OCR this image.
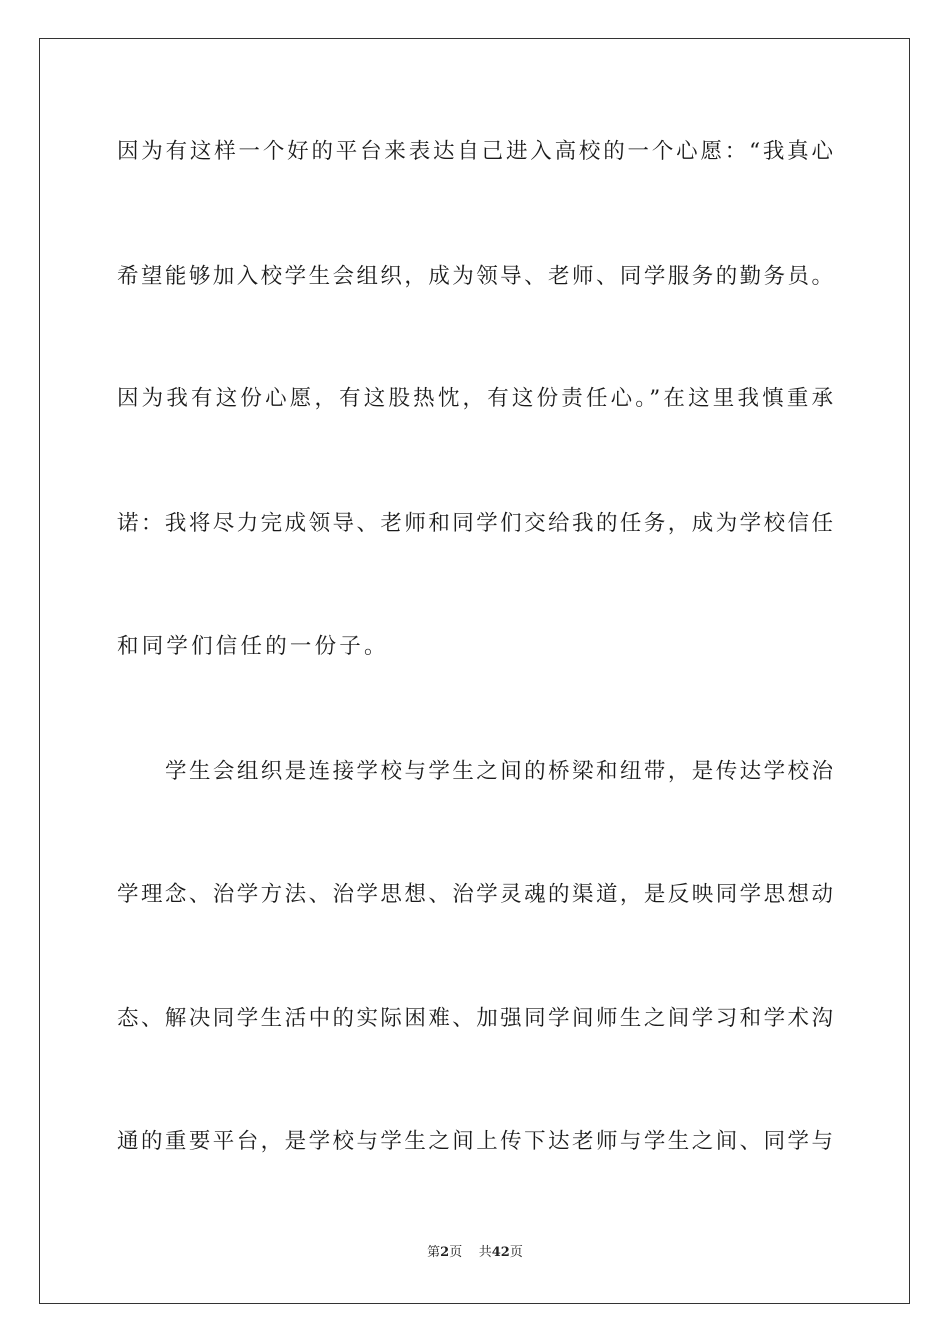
因为有这样一个好的平台来表达自己进入高校的一个心愿：“我真心
希望能够加入校学生会组织，成为领导、老师、同学服务的勤务员。
因为我有这份心愿，有这股热忱，有这份责任心。”在这里我慎重承
诺：我将尽力完成领导、老师和同学们交给我的任务，成为学校信任
和同学们信任的一份子。
学生会组织是连接学校与学生之间的桥梁和纽带，是传达学校治
学理念、治学方法、治学思想、治学灵魂的渠道，是反映同学思想动
态、解决同学生活中的实际困难、加强同学间师生之间学习和学术沟
通的重要平台，是学校与学生之间上传下达老师与学生之间、同学与
第2页 共42页
